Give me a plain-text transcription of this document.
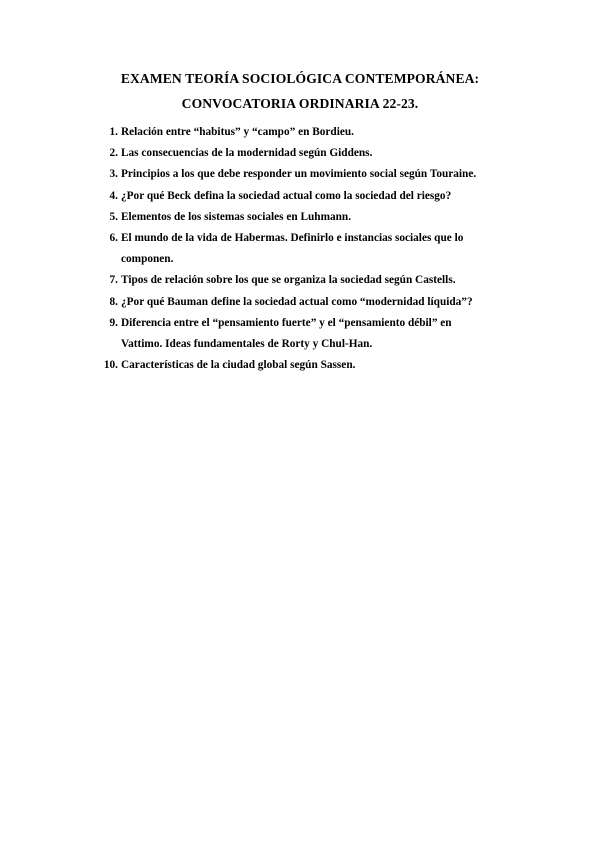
EXAMEN TEORÍA SOCIOLÓGICA CONTEMPORÁNEA:
CONVOCATORIA ORDINARIA 22-23.
1. Relación entre “habitus” y “campo” en Bordieu.
2. Las consecuencias de la modernidad según Giddens.
3. Principios a los que debe responder un movimiento social según Touraine.
4. ¿Por qué Beck defina la sociedad actual como la sociedad del riesgo?
5. Elementos de los sistemas sociales en Luhmann.
6. El mundo de la vida de Habermas. Definirlo e instancias sociales que lo
componen.
7. Tipos de relación sobre los que se organiza la sociedad según Castells.
8. ¿Por qué Bauman define la sociedad actual como “modernidad líquida”?
9. Diferencia entre el “pensamiento fuerte” y el “pensamiento débil” en
Vattimo. Ideas fundamentales de Rorty y Chul-Han.
10. Características de la ciudad global según Sassen.
